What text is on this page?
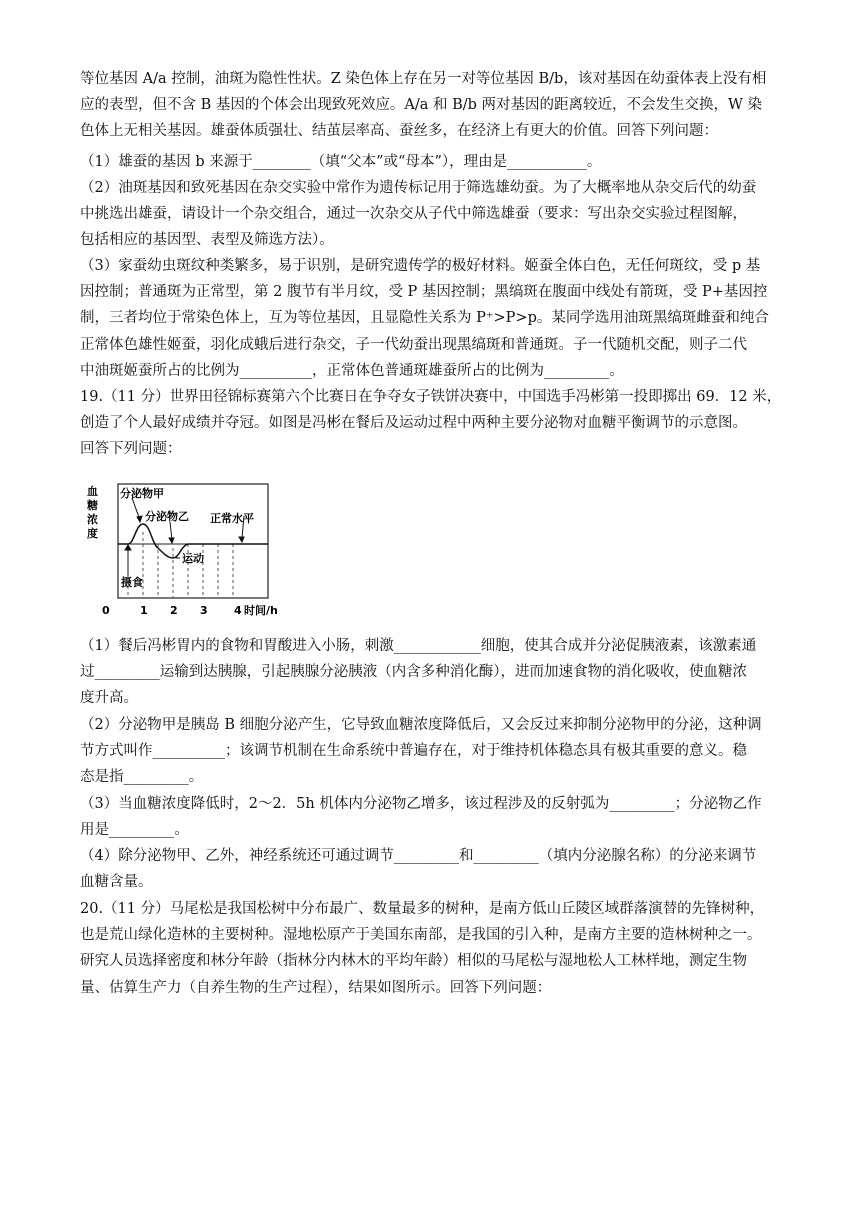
等位基因 A/a 控制，油斑为隐性性状。Z 染色体上存在另一对等位基因 B/b，该对基因在幼蚕体表上没有相
应的表型，但不含 B 基因的个体会出现致死效应。A/a 和 B/b 两对基因的距离较近，不会发生交换，W 染
色体上无相关基因。雄蚕体质强壮、结茧层率高、蚕丝多，在经济上有更大的价值。回答下列问题：
（1）雄蚕的基因 b 来源于________（填“父本”或“母本”），理由是___________。
（2）油斑基因和致死基因在杂交实验中常作为遗传标记用于筛选雄幼蚕。为了大概率地从杂交后代的幼蚕
中挑选出雄蚕，请设计一个杂交组合，通过一次杂交从子代中筛选雄蚕（要求：写出杂交实验过程图解，
包括相应的基因型、表型及筛选方法）。
（3）家蚕幼虫斑纹种类繁多，易于识别，是研究遗传学的极好材料。姬蚕全体白色，无任何斑纹，受 p 基
因控制；普通斑为正常型，第 2 腹节有半月纹，受 P 基因控制；黑缟斑在腹面中线处有箭斑，受 P+基因控
制，三者均位于常染色体上，互为等位基因，且显隐性关系为 P⁺>P>p。某同学选用油斑黑缟斑雌蚕和纯合
正常体色雄性姬蚕，羽化成蛾后进行杂交，子一代幼蚕出现黑缟斑和普通斑。子一代随机交配，则子二代
中油斑姬蚕所占的比例为__________，正常体色普通斑雄蚕所占的比例为_________。
19.（11 分）世界田径锦标赛第六个比赛日在争夺女子铁饼决赛中，中国选手冯彬第一投即掷出 69．12 米，
创造了个人最好成绩并夺冠。如图是冯彬在餐后及运动过程中两种主要分泌物对血糖平衡调节的示意图。
回答下列问题：
血
糖
浓
度
分泌物甲
分泌物乙 正常水平
摄食
运动
0	1 2 3 4 时间/h
（1）餐后冯彬胃内的食物和胃酸进入小肠，刺激____________细胞，使其合成并分泌促胰液素，该激素通
过_________运输到达胰腺，引起胰腺分泌胰液（内含多种消化酶），进而加速食物的消化吸收，使血糖浓
度升高。
（2）分泌物甲是胰岛 B 细胞分泌产生，它导致血糖浓度降低后，又会反过来抑制分泌物甲的分泌，这种调
节方式叫作__________；该调节机制在生命系统中普遍存在，对于维持机体稳态具有极其重要的意义。稳
态是指_________。
（3）当血糖浓度降低时，2～2．5h 机体内分泌物乙增多，该过程涉及的反射弧为_________；分泌物乙作
用是_________。
（4）除分泌物甲、乙外，神经系统还可通过调节_________和_________（填内分泌腺名称）的分泌来调节
血糖含量。
20.（11 分）马尾松是我国松树中分布最广、数量最多的树种，是南方低山丘陵区域群落演替的先锋树种，
也是荒山绿化造林的主要树种。湿地松原产于美国东南部，是我国的引入种，是南方主要的造林树种之一。
研究人员选择密度和林分年龄（指林分内林木的平均年龄）相似的马尾松与湿地松人工林样地，测定生物
量、估算生产力（自养生物的生产过程），结果如图所示。回答下列问题：
